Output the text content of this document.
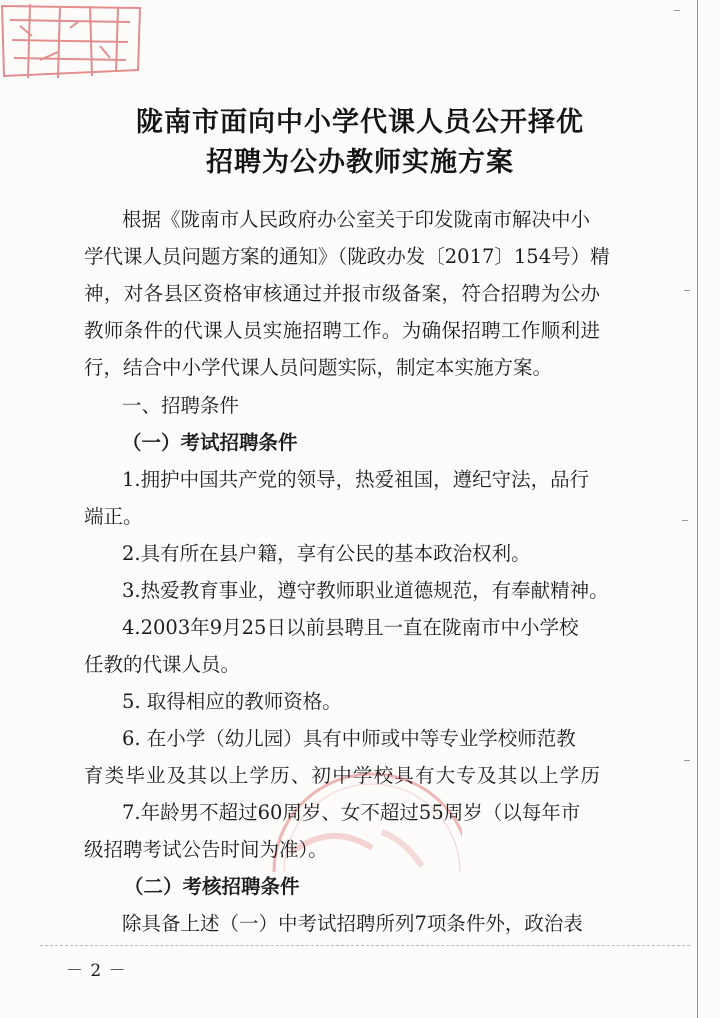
陇南市面向中小学代课人员公开择优
招聘为公办教师实施方案
根据《陇南市人民政府办公室关于印发陇南市解决中小
学代课人员问题方案的通知》（陇政办发〔2017〕154号）精
神，对各县区资格审核通过并报市级备案，符合招聘为公办
教师条件的代课人员实施招聘工作。为确保招聘工作顺利进
行，结合中小学代课人员问题实际，制定本实施方案。
一、招聘条件
（一）考试招聘条件
1.拥护中国共产党的领导，热爱祖国，遵纪守法，品行
端正。
2.具有所在县户籍，享有公民的基本政治权利。
3.热爱教育事业，遵守教师职业道德规范，有奉献精神。
4.2003年9月25日以前县聘且一直在陇南市中小学校
任教的代课人员。
5. 取得相应的教师资格。
6. 在小学（幼儿园）具有中师或中等专业学校师范教
育类毕业及其以上学历、初中学校具有大专及其以上学历
7.年龄男不超过60周岁、女不超过55周岁（以每年市
级招聘考试公告时间为准）。
（二）考核招聘条件
除具备上述（一）中考试招聘所列7项条件外，政治表
－ 2 －
